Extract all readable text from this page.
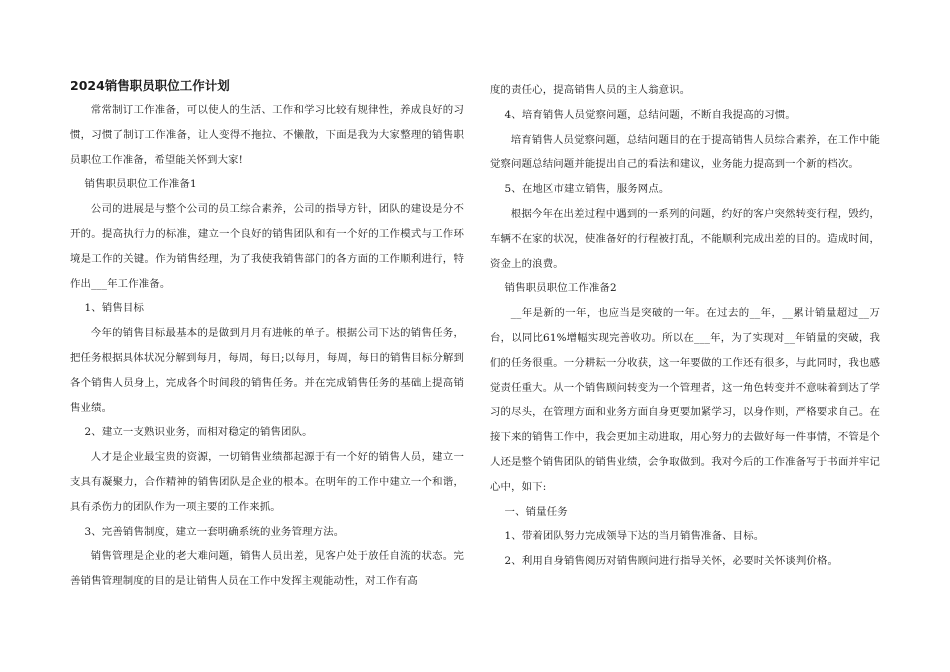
2024销售职员职位工作计划

常常制订工作准备，可以使人的生活、工作和学习比较有规律性，养成良好的习惯，习惯了制订工作准备，让人变得不拖拉、不懒散，下面是我为大家整理的销售职员职位工作准备，希望能关怀到大家!

销售职员职位工作准备1

公司的进展是与整个公司的员工综合素养，公司的指导方针，团队的建设是分不开的。提高执行力的标准，建立一个良好的销售团队和有一个好的工作模式与工作环境是工作的关键。作为销售经理，为了我使我销售部门的各方面的工作顺利进行，特作出___年工作准备。

1、销售目标

今年的销售目标最基本的是做到月月有进帐的单子。根据公司下达的销售任务，把任务根据具体状况分解到每月，每周，每日;以每月，每周，每日的销售目标分解到各个销售人员身上，完成各个时间段的销售任务。并在完成销售任务的基础上提高销售业绩。

2、建立一支熟识业务，而相对稳定的销售团队。

人才是企业最宝贵的资源，一切销售业绩都起源于有一个好的销售人员，建立一支具有凝聚力，合作精神的销售团队是企业的根本。在明年的工作中建立一个和谐，具有杀伤力的团队作为一项主要的工作来抓。

3、完善销售制度，建立一套明确系统的业务管理方法。

销售管理是企业的老大难问题，销售人员出差，见客户处于放任自流的状态。完善销售管理制度的目的是让销售人员在工作中发挥主观能动性，对工作有高

度的责任心，提高销售人员的主人翁意识。

4、培育销售人员觉察问题，总结问题，不断自我提高的习惯。

培育销售人员觉察问题，总结问题目的在于提高销售人员综合素养，在工作中能觉察问题总结问题并能提出自己的看法和建议，业务能力提高到一个新的档次。

5、在地区市建立销售，服务网点。

根据今年在出差过程中遇到的一系列的问题，约好的客户突然转变行程，毁约，车辆不在家的状况，使准备好的行程被打乱，不能顺利完成出差的目的。造成时间，资金上的浪费。

销售职员职位工作准备2

__年是新的一年，也应当是突破的一年。在过去的__年，__累计销量超过__万台，以同比61%增幅实现完善收功。所以在___年，为了实现对__年销量的突破，我们的任务很重。一分耕耘一分收获，这一年要做的工作还有很多，与此同时，我也感觉责任重大。从一个销售顾问转变为一个管理者，这一角色转变并不意味着到达了学习的尽头，在管理方面和业务方面自身更要加紧学习，以身作则，严格要求自己。在接下来的销售工作中，我会更加主动进取，用心努力的去做好每一件事情，不管是个人还是整个销售团队的销售业绩，会争取做到。我对今后的工作准备写于书面并牢记心中，如下:

一、销量任务

1、带着团队努力完成领导下达的当月销售准备、目标。

2、利用自身销售阅历对销售顾问进行指导关怀，必要时关怀谈判价格。
